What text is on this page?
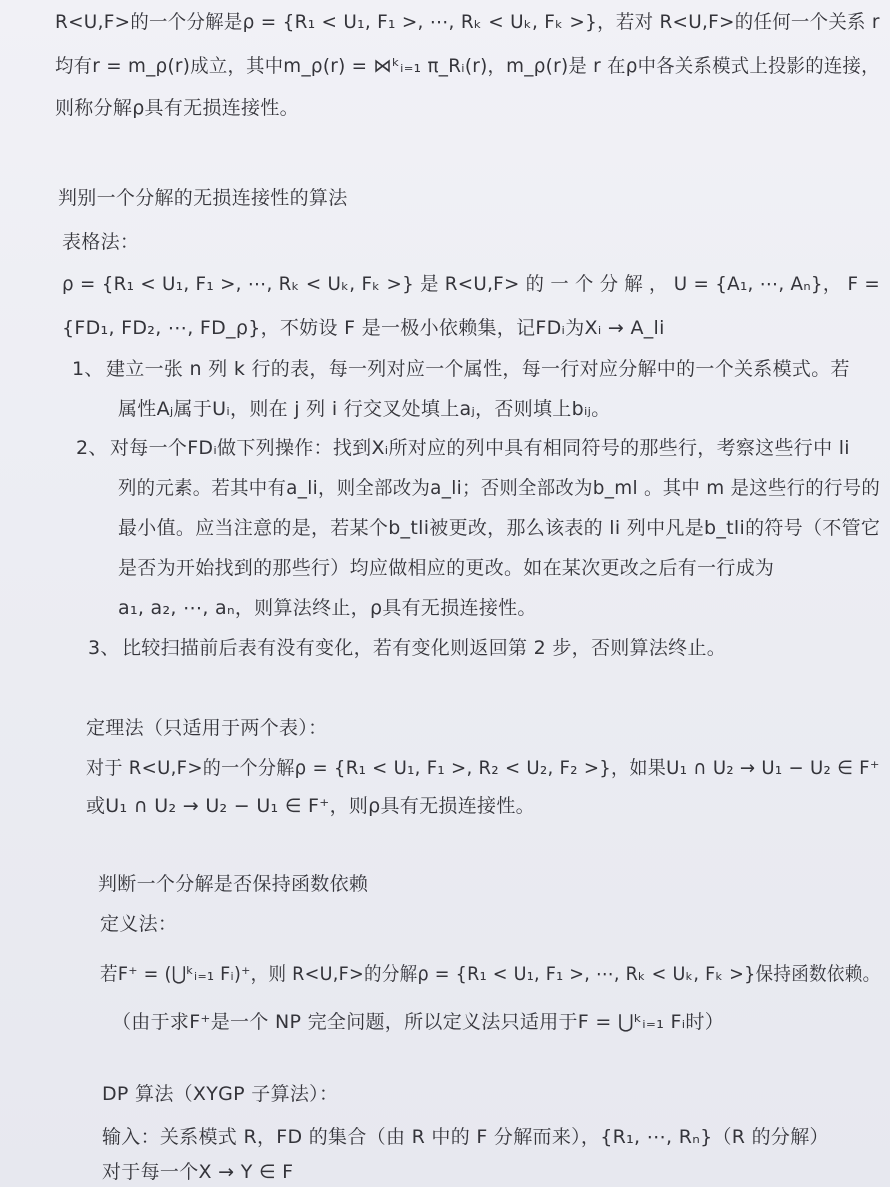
R<U,F>的一个分解是ρ = {R₁ < U₁, F₁ >, ⋯, Rₖ < Uₖ, Fₖ >}，若对 R<U,F>的任何一个关系 r
均有r = m_ρ(r)成立，其中m_ρ(r) = ⋈ᵏᵢ₌₁ π_Rᵢ(r)，m_ρ(r)是 r 在ρ中各关系模式上投影的连接，
则称分解ρ具有无损连接性。
判别一个分解的无损连接性的算法
表格法：
ρ = {R₁ < U₁, F₁ >, ⋯, Rₖ < Uₖ, Fₖ >} 是 R<U,F> 的 一 个 分 解 ， U = {A₁, ⋯, Aₙ}， F =
{FD₁, FD₂, ⋯, FD_ρ}，不妨设 F 是一极小依赖集，记FDᵢ为Xᵢ → A_li
1、 建立一张 n 列 k 行的表，每一列对应一个属性，每一行对应分解中的一个关系模式。若
属性Aⱼ属于Uᵢ，则在 j 列 i 行交叉处填上aⱼ，否则填上bᵢⱼ。
2、 对每一个FDᵢ做下列操作：找到Xᵢ所对应的列中具有相同符号的那些行，考察这些行中 li
列的元素。若其中有a_li，则全部改为a_li；否则全部改为b_ml 。其中 m 是这些行的行号的
最小值。应当注意的是，若某个b_tli被更改，那么该表的 li 列中凡是b_tli的符号（不管它
是否为开始找到的那些行）均应做相应的更改。如在某次更改之后有一行成为
a₁, a₂, ⋯, aₙ，则算法终止，ρ具有无损连接性。
3、 比较扫描前后表有没有变化，若有变化则返回第 2 步，否则算法终止。
定理法（只适用于两个表）：
对于 R<U,F>的一个分解ρ = {R₁ < U₁, F₁ >, R₂ < U₂, F₂ >}，如果U₁ ∩ U₂ → U₁ − U₂ ∈ F⁺
或U₁ ∩ U₂ → U₂ − U₁ ∈ F⁺，则ρ具有无损连接性。
判断一个分解是否保持函数依赖
定义法：
若F⁺ = (⋃ᵏᵢ₌₁ Fᵢ)⁺，则 R<U,F>的分解ρ = {R₁ < U₁, F₁ >, ⋯, Rₖ < Uₖ, Fₖ >}保持函数依赖。
（由于求F⁺是一个 NP 完全问题，所以定义法只适用于F = ⋃ᵏᵢ₌₁ Fᵢ时）
DP 算法（XYGP 子算法）：
输入：关系模式 R，FD 的集合（由 R 中的 F 分解而来），{R₁, ⋯, Rₙ}（R 的分解）
对于每一个X → Y ∈ F
